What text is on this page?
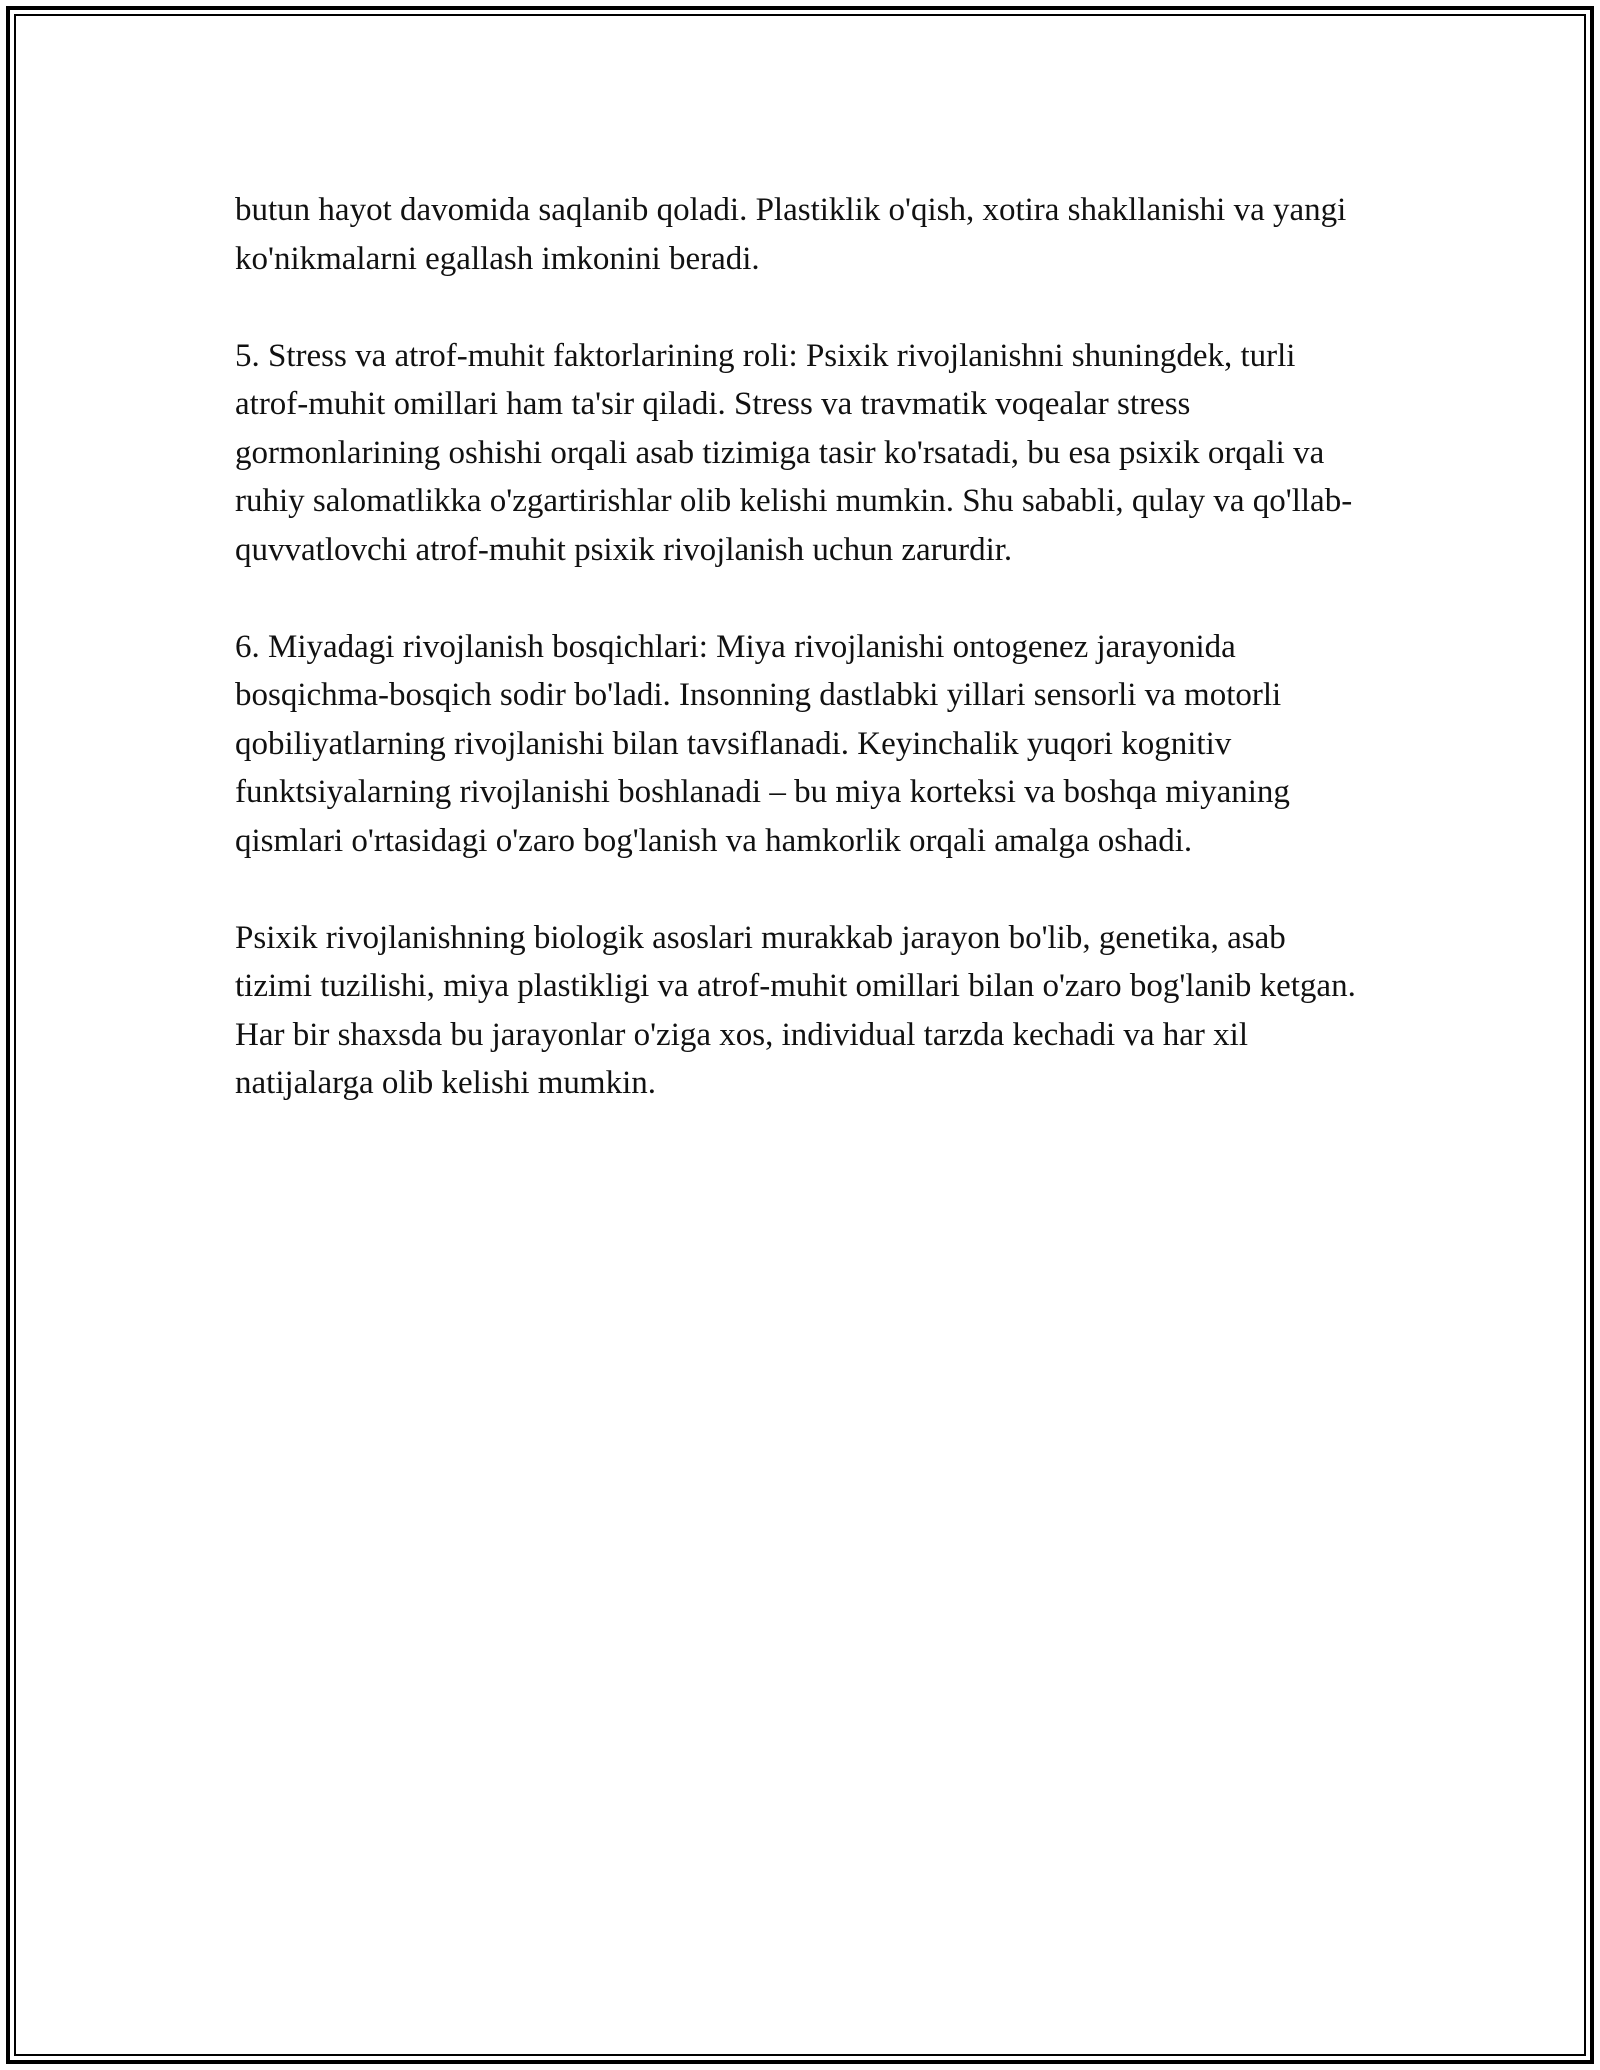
butun hayot davomida saqlanib qoladi. Plastiklik o'qish, xotira shakllanishi va yangi ko'nikmalarni egallash imkonini beradi.

5. Stress va atrof-muhit faktorlarining roli: Psixik rivojlanishni shuningdek, turli atrof-muhit omillari ham ta'sir qiladi. Stress va travmatik voqealar stress gormonlarining oshishi orqali asab tizimiga tasir ko'rsatadi, bu esa psixik orqali va ruhiy salomatlikka o'zgartirishlar olib kelishi mumkin. Shu sababli, qulay va qo'llab-quvvatlovchi atrof-muhit psixik rivojlanish uchun zarurdir.

6. Miyadagi rivojlanish bosqichlari: Miya rivojlanishi ontogenez jarayonida bosqichma-bosqich sodir bo'ladi. Insonning dastlabki yillari sensorli va motorli qobiliyatlarning rivojlanishi bilan tavsiflanadi. Keyinchalik yuqori kognitiv funktsiyalarning rivojlanishi boshlanadi – bu miya korteksi va boshqa miyaning qismlari o'rtasidagi o'zaro bog'lanish va hamkorlik orqali amalga oshadi.

Psixik rivojlanishning biologik asoslari murakkab jarayon bo'lib, genetika, asab tizimi tuzilishi, miya plastikligi va atrof-muhit omillari bilan o'zaro bog'lanib ketgan. Har bir shaxsda bu jarayonlar o'ziga xos, individual tarzda kechadi va har xil natijalarga olib kelishi mumkin.
